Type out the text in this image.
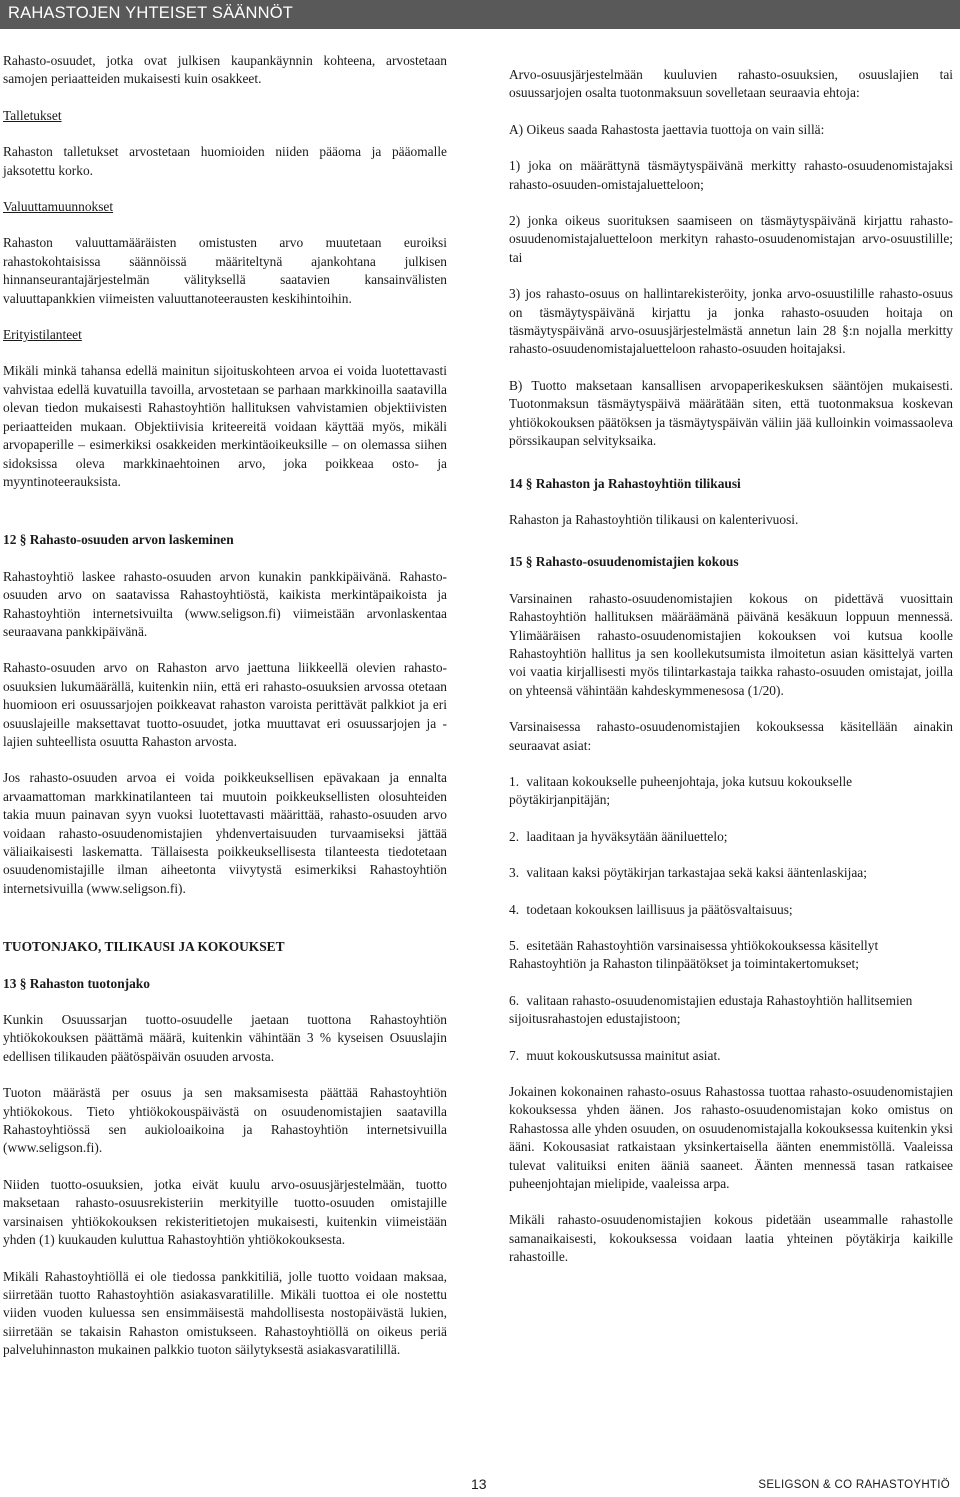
RAHASTOJEN YHTEISET SÄÄNNÖT

Rahasto-osuudet, jotka ovat julkisen kaupankäynnin kohteena, arvostetaan samojen periaatteiden mukaisesti kuin osakkeet.

Talletukset

Rahaston talletukset arvostetaan huomioiden niiden pääoma ja pääomalle jaksotettu korko.

Valuuttamuunnokset

Rahaston valuuttamääräisten omistusten arvo muutetaan euroiksi rahastokohtaisissa säännöissä määriteltynä ajankohtana julkisen hinnanseurantajärjestelmän välityksellä saatavien kansainvälisten valuuttapankkien viimeisten valuuttanoteerausten keskihintoihin.

Erityistilanteet

Mikäli minkä tahansa edellä mainitun sijoituskohteen arvoa ei voida luotettavasti vahvistaa edellä kuvatuilla tavoilla, arvostetaan se parhaan markkinoilla saatavilla olevan tiedon mukaisesti Rahastoyhtiön hallituksen vahvistamien objektiivisten periaatteiden mukaan. Objektiivisia kriteereitä voidaan käyttää myös, mikäli arvopaperille – esimerkiksi osakkeiden merkintäoikeuksille – on olemassa siihen sidoksissa oleva markkinaehtoinen arvo, joka poikkeaa osto- ja myyntinoteerauksista.

12 § Rahasto-osuuden arvon laskeminen

Rahastoyhtiö laskee rahasto-osuuden arvon kunakin pankkipäivänä. Rahasto-osuuden arvo on saatavissa Rahastoyhtiöstä, kaikista merkintäpaikoista ja Rahastoyhtiön internetsivuilta (www.seligson.fi) viimeistään arvonlaskentaa seuraavana pankkipäivänä.

Rahasto-osuuden arvo on Rahaston arvo jaettuna liikkeellä olevien rahasto-osuuksien lukumäärällä, kuitenkin niin, että eri rahasto-osuuksien arvossa otetaan huomioon eri osuussarjojen poikkeavat rahaston varoista perittävät palkkiot ja eri osuuslajeille maksettavat tuotto-osuudet, jotka muuttavat eri osuussarjojen ja -lajien suhteellista osuutta Rahaston arvosta.

Jos rahasto-osuuden arvoa ei voida poikkeuksellisen epävakaan ja ennalta arvaamattoman markkinatilanteen tai muutoin poikkeuksellisten olosuhteiden takia muun painavan syyn vuoksi luotettavasti määrittää, rahasto-osuuden arvo voidaan rahasto-osuudenomistajien yhdenvertaisuuden turvaamiseksi jättää väliaikaisesti laskematta. Tällaisesta poikkeuksellisesta tilanteesta tiedotetaan osuudenomistajille ilman aiheetonta viivytystä esimerkiksi Rahastoyhtiön internetsivuilla (www.seligson.fi).

TUOTONJAKO, TILIKAUSI JA KOKOUKSET

13 § Rahaston tuotonjako

Kunkin Osuussarjan tuotto-osuudelle jaetaan tuottona Rahastoyhtiön yhtiökokouksen päättämä määrä, kuitenkin vähintään 3 % kyseisen Osuuslajin edellisen tilikauden päätöspäivän osuuden arvosta.

Tuoton määrästä per osuus ja sen maksamisesta päättää Rahastoyhtiön yhtiökokous. Tieto yhtiökokouspäivästä on osuudenomistajien saatavilla Rahastoyhtiössä sen aukioloaikoina ja Rahastoyhtiön internetsivuilla (www.seligson.fi).

Niiden tuotto-osuuksien, jotka eivät kuulu arvo-osuusjärjestelmään, tuotto maksetaan rahasto-osuusrekisteriin merkityille tuotto-osuuden omistajille varsinaisen yhtiökokouksen rekisteritietojen mukaisesti, kuitenkin viimeistään yhden (1) kuukauden kuluttua Rahastoyhtiön yhtiökokouksesta.

Mikäli Rahastoyhtiöllä ei ole tiedossa pankkitiliä, jolle tuotto voidaan maksaa, siirretään tuotto Rahastoyhtiön asiakasvaratilille. Mikäli tuottoa ei ole nostettu viiden vuoden kuluessa sen ensimmäisestä mahdollisesta nostopäivästä lukien, siirretään se takaisin Rahaston omistukseen. Rahastoyhtiöllä on oikeus periä palveluhinnaston mukainen palkkio tuoton säilytyksestä asiakasvaratilillä.

Arvo-osuusjärjestelmään kuuluvien rahasto-osuuksien, osuuslajien tai osuussarjojen osalta tuotonmaksuun sovelletaan seuraavia ehtoja:

A) Oikeus saada Rahastosta jaettavia tuottoja on vain sillä:

1) joka on määrättynä täsmäytyspäivänä merkitty rahasto-osuudenomistajaksi rahasto-osuuden-omistajaluetteloon;

2) jonka oikeus suorituksen saamiseen on täsmäytyspäivänä kirjattu rahasto-osuudenomistajaluetteloon merkityn rahasto-osuudenomistajan arvo-osuustilille; tai

3) jos rahasto-osuus on hallintarekisteröity, jonka arvo-osuustilille rahasto-osuus on täsmäytyspäivänä kirjattu ja jonka rahasto-osuuden hoitaja on täsmäytyspäivänä arvo-osuusjärjestelmästä annetun lain 28 §:n nojalla merkitty rahasto-osuudenomistajaluetteloon rahasto-osuuden hoitajaksi.

B) Tuotto maksetaan kansallisen arvopaperikeskuksen sääntöjen mukaisesti. Tuotonmaksun täsmäytyspäivä määrätään siten, että tuotonmaksua koskevan yhtiökokouksen päätöksen ja täsmäytyspäivän väliin jää kulloinkin voimassaoleva pörssikaupan selvityksaika.

14 § Rahaston ja Rahastoyhtiön tilikausi

Rahaston ja Rahastoyhtiön tilikausi on kalenterivuosi.

15 § Rahasto-osuudenomistajien kokous

Varsinainen rahasto-osuudenomistajien kokous on pidettävä vuosittain Rahastoyhtiön hallituksen määräämänä päivänä kesäkuun loppuun mennessä. Ylimääräisen rahasto-osuudenomistajien kokouksen voi kutsua koolle Rahastoyhtiön hallitus ja sen koollekutsumista ilmoitetun asian käsittelyä varten voi vaatia kirjallisesti myös tilintarkastaja taikka rahasto-osuuden omistajat, joilla on yhteensä vähintään kahdeskymmenesosa (1/20).

Varsinaisessa rahasto-osuudenomistajien kokouksessa käsitellään ainakin seuraavat asiat:

1. valitaan kokoukselle puheenjohtaja, joka kutsuu kokoukselle pöytäkirjanpitäjän;
2. laaditaan ja hyväksytään ääniluettelo;
3. valitaan kaksi pöytäkirjan tarkastajaa sekä kaksi ääntenlaskijaa;
4. todetaan kokouksen laillisuus ja päätösvaltaisuus;
5. esitetään Rahastoyhtiön varsinaisessa yhtiökokouksessa käsitellyt Rahastoyhtiön ja Rahaston tilinpäätökset ja toimintakertomukset;
6. valitaan rahasto-osuudenomistajien edustaja Rahastoyhtiön hallitsemien sijoitusrahastojen edustajistoon;
7. muut kokouskutsussa mainitut asiat.

Jokainen kokonainen rahasto-osuus Rahastossa tuottaa rahasto-osuudenomistajien kokouksessa yhden äänen. Jos rahasto-osuudenomistajan koko omistus on Rahastossa alle yhden osuuden, on osuudenomistajalla kokouksessa kuitenkin yksi ääni. Kokousasiat ratkaistaan yksinkertaisella äänten enemmistöllä. Vaaleissa tulevat valituiksi eniten ääniä saaneet. Äänten mennessä tasan ratkaisee puheenjohtajan mielipide, vaaleissa arpa.

Mikäli rahasto-osuudenomistajien kokous pidetään useammalle rahastolle samanaikaisesti, kokouksessa voidaan laatia yhteinen pöytäkirja kaikille rahastoille.

13	SELIGSON & CO RAHASTOYHTIÖ
